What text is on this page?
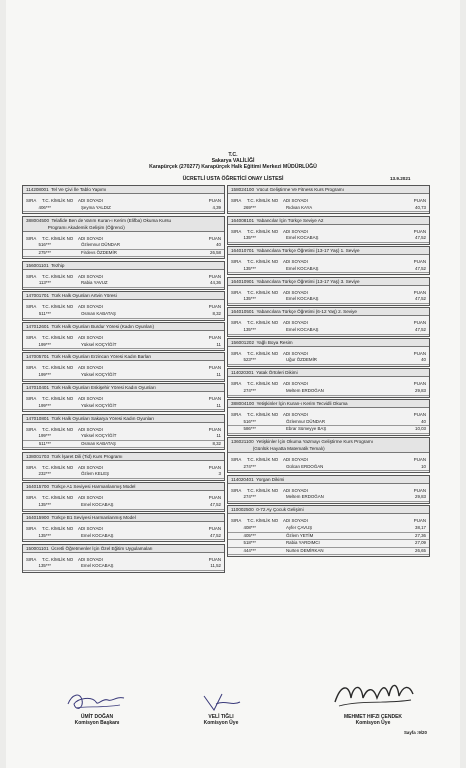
T.C.
Sakarya VALİLİĞİ
Karapürçek (270277) Karapürçek Halk Eğitimi Merkezi MÜDÜRLÜĞÜ
ÜCRETLİ USTA ÖĞRETİCİ ONAY LİSTESİ	13.9.2021
114208001  Tel Ve Çivi İle Tablo Yapımı
SIRA T.C. KİMLİK NO ADI SOYADI	PUAN
406***	Şeyma YALDIZ	4,39
388004500  Telafide Ben de Varım Kuran-ı Kerim (Elifba) Okuma Kursu
Programı Akademik Gelişim (Öğrenci)
SIRA T.C. KİMLİK NO ADI SOYADI	PUAN
516***	Özlemnur DÜNDAR	40
275***	Firdevs ÖZDEMİR	26,58
156001101  Tezhip
SIRA T.C. KİMLİK NO ADI SOYADI	PUAN
113***	Rabia YAVUZ	44,36
147001701  Türk Halk Oyunları Artvin Yöresi
SIRA T.C. KİMLİK NO ADI SOYADI	PUAN
511***	Osman KABATAŞ	8,32
147012601  Türk Halk Oyunları Burdur Yöresi (Kadın Oyunları)
SIRA T.C. KİMLİK NO ADI SOYADI	PUAN
199***	Yüksel KOÇYİĞİT	11
147005701  Türk Halk Oyunları Erzincan Yöresi Kadın Barları
SIRA T.C. KİMLİK NO ADI SOYADI	PUAN
199***	Yüksel KOÇYİĞİT	11
147010401  Türk Halk Oyunları Eskişehir Yöresi Kadın Oyunları
SIRA T.C. KİMLİK NO ADI SOYADI	PUAN
199***	Yüksel KOÇYİĞİT	11
147010801  Türk Halk Oyunları Sakarya Yöresi Kadın Oyunları
SIRA T.C. KİMLİK NO ADI SOYADI	PUAN
199***	Yüksel KOÇYİĞİT	11
511***	Osman KABATAŞ	8,32
138001703  Türk İşaret Dili (Tid) Kurs Programı
SIRA T.C. KİMLİK NO ADI SOYADI	PUAN
232***	Özlem KELEŞ	3
164015700  Türkçe A1 Seviyesi Harmanlanmış Model
SIRA T.C. KİMLİK NO ADI SOYADI	PUAN
135***	Emel KOCABAŞ	47,52
164015900  Türkçe B1 Seviyesi Harmanlanmış Model
SIRA T.C. KİMLİK NO ADI SOYADI	PUAN
135***	Emel KOCABAŞ	47,52
150001101  Ücretli Öğretmenler İçin Özel Eğitim Uygulamaları
SIRA T.C. KİMLİK NO ADI SOYADI	PUAN
135***	Emel KOCABAŞ	11,52
158024100  Vücut Geliştirme Ve Fitness Kurs Programı
SIRA T.C. KİMLİK NO ADI SOYADI	PUAN
269***	Rıdvan KAYA	40,73
164008101  Yabancılar İçin Türkçe Seviye A2
SIRA T.C. KİMLİK NO ADI SOYADI	PUAN
135***	Emel KOCABAŞ	47,52
164010701  Yabancılara Türkçe Öğretimi (13-17 Yaş) 1. Seviye
SIRA T.C. KİMLİK NO ADI SOYADI	PUAN
135***	Emel KOCABAŞ	47,52
164010901  Yabancılara Türkçe Öğretimi (13-17 Yaş) 3. Seviye
SIRA T.C. KİMLİK NO ADI SOYADI	PUAN
135***	Emel KOCABAŞ	47,52
164010501  Yabancılara Türkçe Öğretimi (6-12 Yaş) 2. Seviye
SIRA T.C. KİMLİK NO ADI SOYADI	PUAN
135***	Emel KOCABAŞ	47,52
156001202  Yağlı Boya Resim
SIRA T.C. KİMLİK NO ADI SOYADI	PUAN
523***	Uğur ÖZDEMİR	40
114020301  Yatak Örtüleri Dikimi
SIRA T.C. KİMLİK NO ADI SOYADI	PUAN
274***	Meltem ERDOĞAN	29,83
388004100  Yetişkinler İçin Kuran-ı Kerim Tecvidli Okuma
SIRA T.C. KİMLİK NO ADI SOYADI	PUAN
516***	Özlemnur DÜNDAR	40
586***	Ebrar Sümeyye BAŞ	10,03
136021100  Yetişkinler İçin Okuma Yazmayı Geliştirme Kurs Programı
(Günlük Hayatta Matematik Temalı)
SIRA T.C. KİMLİK NO ADI SOYADI	PUAN
274***	Gülcan ERDOĞAN	10
114020401  Yorgan Dikimi
SIRA T.C. KİMLİK NO ADI SOYADI	PUAN
274***	Meltem ERDOĞAN	29,83
110002500  0-72 Ay Çocuk Gelişimi
SIRA T.C. KİMLİK NO ADI SOYADI	PUAN
408***	Ayfer ÇAVUŞ	38,17
405***	Özlem YETİM	27,36
518***	Rabia YARDIMCI	27,09
444***	Nurten DEMİRKAN	26,65
ÜMİT DOĞAN
Komisyon Başkanı
VELİ TIĞLI
Komisyon Üye
MEHMET HIFZI ÇENDEK
Komisyon Üye
Sayfa :9/20
